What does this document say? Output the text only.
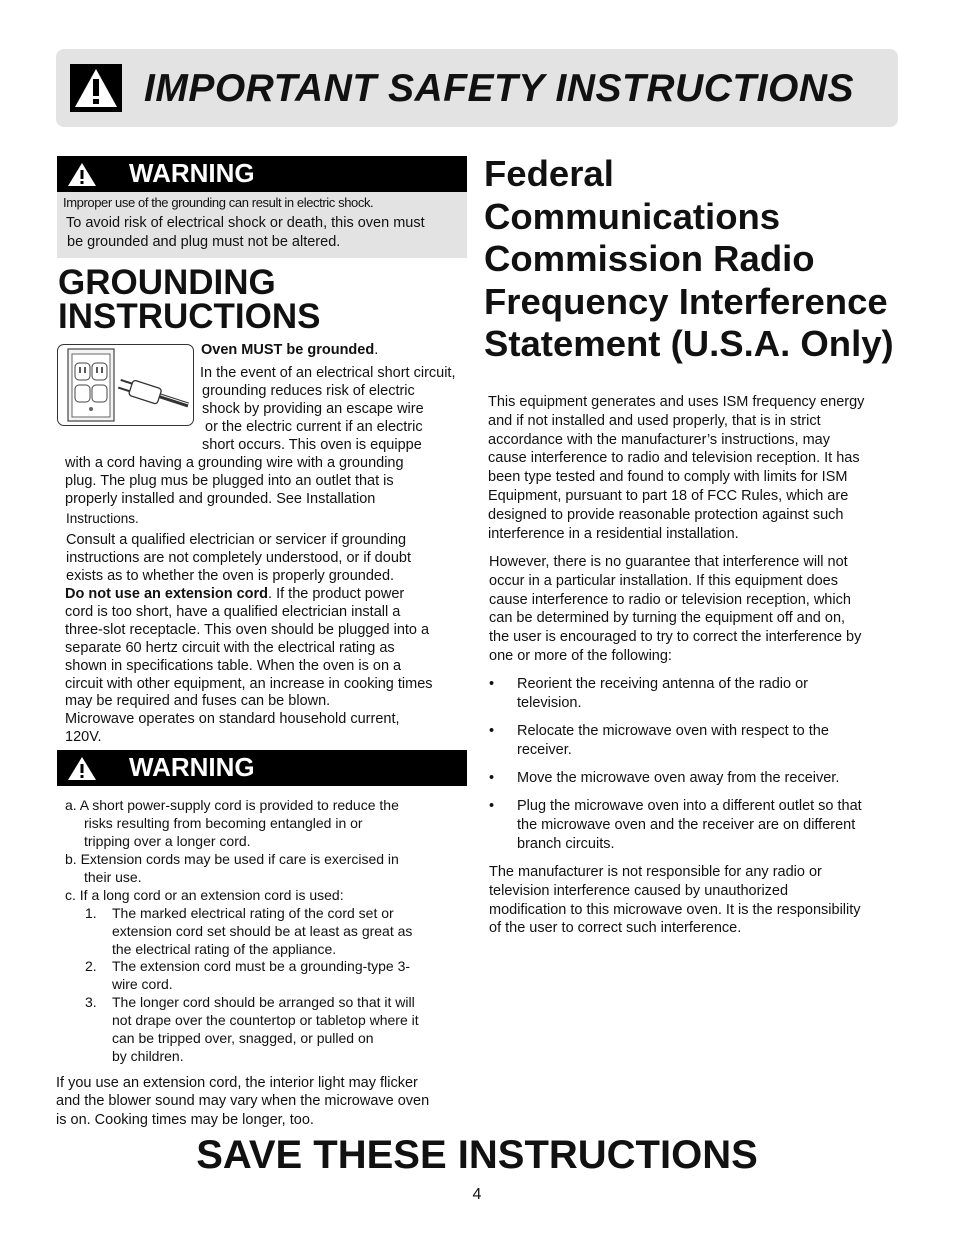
IMPORTANT SAFETY INSTRUCTIONS
WARNING
Improper use of the grounding can result in electric shock.
To avoid risk of electrical shock or death, this oven must
be grounded and plug must not be altered.
GROUNDING INSTRUCTIONS
Oven MUST be grounded.
In the event of an electrical short circuit,
grounding reduces risk of electric
shock by providing an escape wire
or the electric current if an electric
short occurs. This oven is equippe
with a cord having a grounding wire with a grounding
plug. The plug mus be plugged into an outlet that is
properly installed and grounded. See Installation
Instructions.
Consult a qualified electrician or servicer if grounding
instructions are not completely understood, or if doubt
exists as to whether the oven is properly grounded.
Do not use an extension cord. If the product power
cord is too short, have a qualified electrician install a
three-slot receptacle. This oven should be plugged into a
separate 60 hertz circuit with the electrical rating as
shown in specifications table. When the oven is on a
circuit with other equipment, an increase in cooking times
may be required and fuses can be blown.
Microwave operates on standard household current,
120V.
WARNING
a. A short power-supply cord is provided to reduce the
risks resulting from becoming entangled in or
tripping over a longer cord.
b. Extension cords may be used if care is exercised in
their use.
c. If a long cord or an extension cord is used:
1. The marked electrical rating of the cord set or
extension cord set should be at least as great as
the electrical rating of the appliance.
2. The extension cord must be a grounding-type 3-
wire cord.
3. The longer cord should be arranged so that it will
not drape over the countertop or tabletop where it
can be tripped over, snagged, or pulled on
by children.
If you use an extension cord, the interior light may flicker
and the blower sound may vary when the microwave oven
is on. Cooking times may be longer, too.
Federal
Communications
Commission Radio
Frequency Interference
Statement (U.S.A. Only)
This equipment generates and uses ISM frequency energy
and if not installed and used properly, that is in strict
accordance with the manufacturer’s instructions, may
cause interference to radio and television reception. It has
been type tested and found to comply with limits for ISM
Equipment, pursuant to part 18 of FCC Rules, which are
designed to provide reasonable protection against such
interference in a residential installation.
However, there is no guarantee that interference will not
occur in a particular installation. If this equipment does
cause interference to radio or television reception, which
can be determined by turning the equipment off and on,
the user is encouraged to try to correct the interference by
one or more of the following:
• Reorient the receiving antenna of the radio or
television.
• Relocate the microwave oven with respect to the
receiver.
• Move the microwave oven away from the receiver.
• Plug the microwave oven into a different outlet so that
the microwave oven and the receiver are on different
branch circuits.
The manufacturer is not responsible for any radio or
television interference caused by unauthorized
modification to this microwave oven. It is the responsibility
of the user to correct such interference.
SAVE THESE INSTRUCTIONS
4
